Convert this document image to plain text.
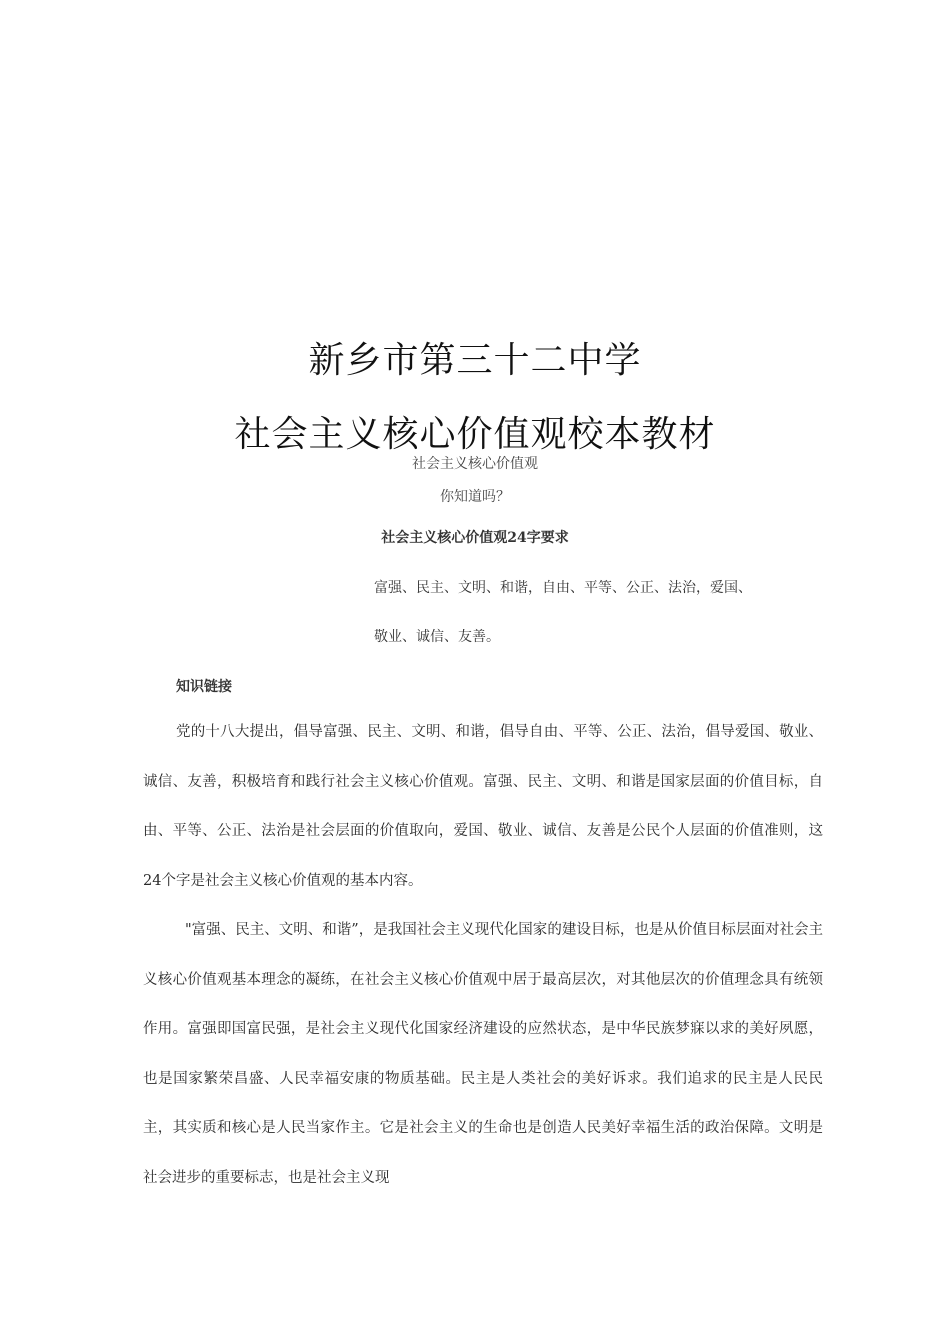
新乡市第三十二中学
社会主义核心价值观校本教材
社会主义核心价值观
你知道吗？
社会主义核心价值观24字要求
富强、民主、文明、和谐，自由、平等、公正、法治，爱国、
敬业、诚信、友善。
知识链接

党的十八大提出，倡导富强、民主、文明、和谐，倡导自由、平等、公正、法治，倡导爱国、敬业、诚信、友善，积极培育和践行社会主义核心价值观。富强、民主、文明、和谐是国家层面的价值目标，自由、平等、公正、法治是社会层面的价值取向，爱国、敬业、诚信、友善是公民个人层面的价值准则，这24个字是社会主义核心价值观的基本内容。

"富强、民主、文明、和谐”，是我国社会主义现代化国家的建设目标，也是从价值目标层面对社会主义核心价值观基本理念的凝练，在社会主义核心价值观中居于最高层次，对其他层次的价值理念具有统领作用。富强即国富民强，是社会主义现代化国家经济建设的应然状态，是中华民族梦寐以求的美好夙愿，也是国家繁荣昌盛、人民幸福安康的物质基础。民主是人类社会的美好诉求。我们追求的民主是人民民主，其实质和核心是人民当家作主。它是社会主义的生命也是创造人民美好幸福生活的政治保障。文明是社会进步的重要标志，也是社会主义现
